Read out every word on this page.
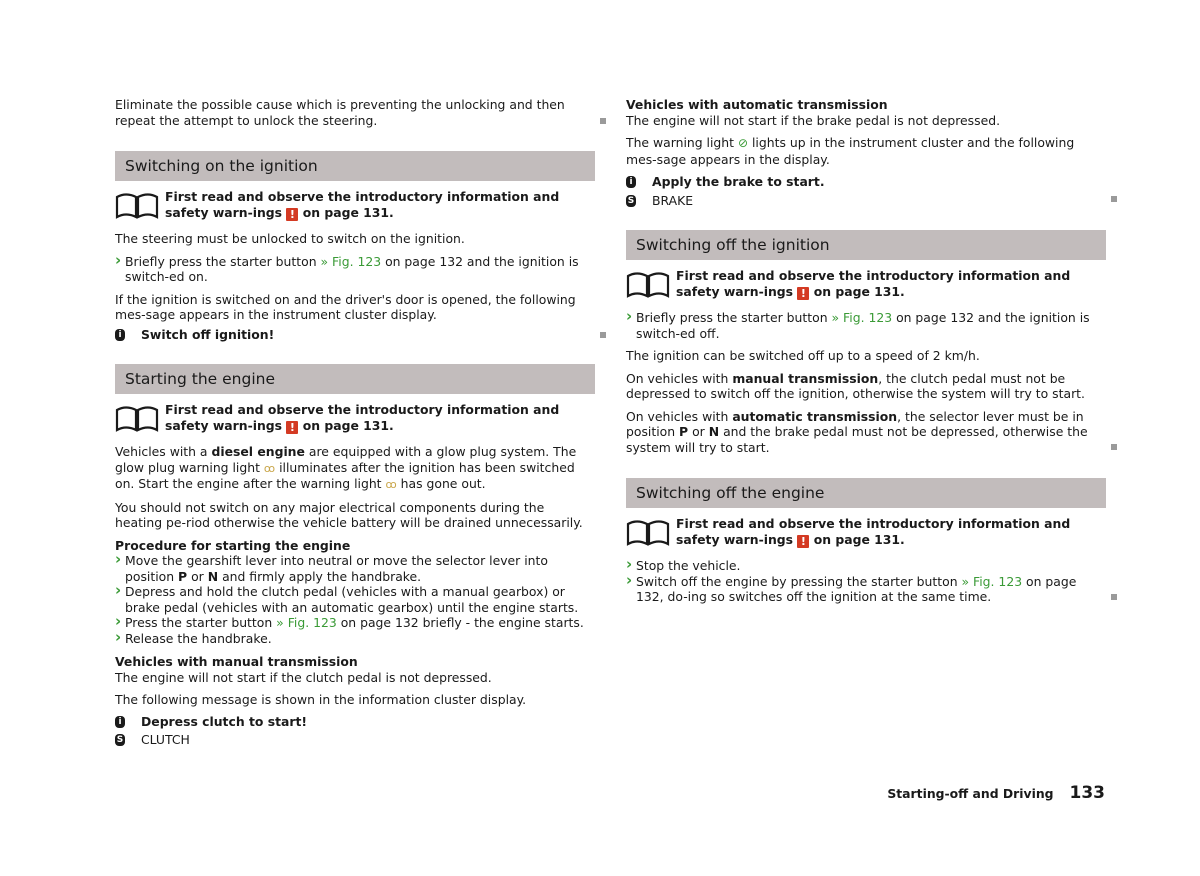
Eliminate the possible cause which is preventing the unlocking and then repeat the attempt to unlock the steering.

Switching on the ignition
First read and observe the introductory information and safety warn-ings ! on page 131.

The steering must be unlocked to switch on the ignition.

› Briefly press the starter button » Fig. 123 on page 132 and the ignition is switch-ed on.

If the ignition is switched on and the driver's door is opened, the following mes-sage appears in the instrument cluster display.

i Switch off ignition!
Starting the engine
First read and observe the introductory information and safety warn-ings ! on page 131.

Vehicles with a diesel engine are equipped with a glow plug system. The glow plug warning light ꝏ illuminates after the ignition has been switched on. Start the engine after the warning light ꝏ has gone out.

You should not switch on any major electrical components during the heating pe-riod otherwise the vehicle battery will be drained unnecessarily.

Procedure for starting the engine

› Move the gearshift lever into neutral or move the selector lever into position P or N and firmly apply the handbrake.

› Depress and hold the clutch pedal (vehicles with a manual gearbox) or brake pedal (vehicles with an automatic gearbox) until the engine starts.

› Press the starter button » Fig. 123 on page 132 briefly - the engine starts.

› Release the handbrake.

Vehicles with manual transmission

The engine will not start if the clutch pedal is not depressed.

The following message is shown in the information cluster display.

i Depress clutch to start!
S CLUTCH

Vehicles with automatic transmission

The engine will not start if the brake pedal is not depressed.

The warning light ⊘ lights up in the instrument cluster and the following mes-sage appears in the display.

i Apply the brake to start.
S BRAKE
Switching off the ignition
First read and observe the introductory information and safety warn-ings ! on page 131.

› Briefly press the starter button » Fig. 123 on page 132 and the ignition is switch-ed off.

The ignition can be switched off up to a speed of 2 km/h.

On vehicles with manual transmission, the clutch pedal must not be depressed to switch off the ignition, otherwise the system will try to start.

On vehicles with automatic transmission, the selector lever must be in position P or N and the brake pedal must not be depressed, otherwise the system will try to start.

Switching off the engine
First read and observe the introductory information and safety warn-ings ! on page 131.

› Stop the vehicle.

› Switch off the engine by pressing the starter button » Fig. 123 on page 132, do-ing so switches off the ignition at the same time.

Starting-off and Driving 133
